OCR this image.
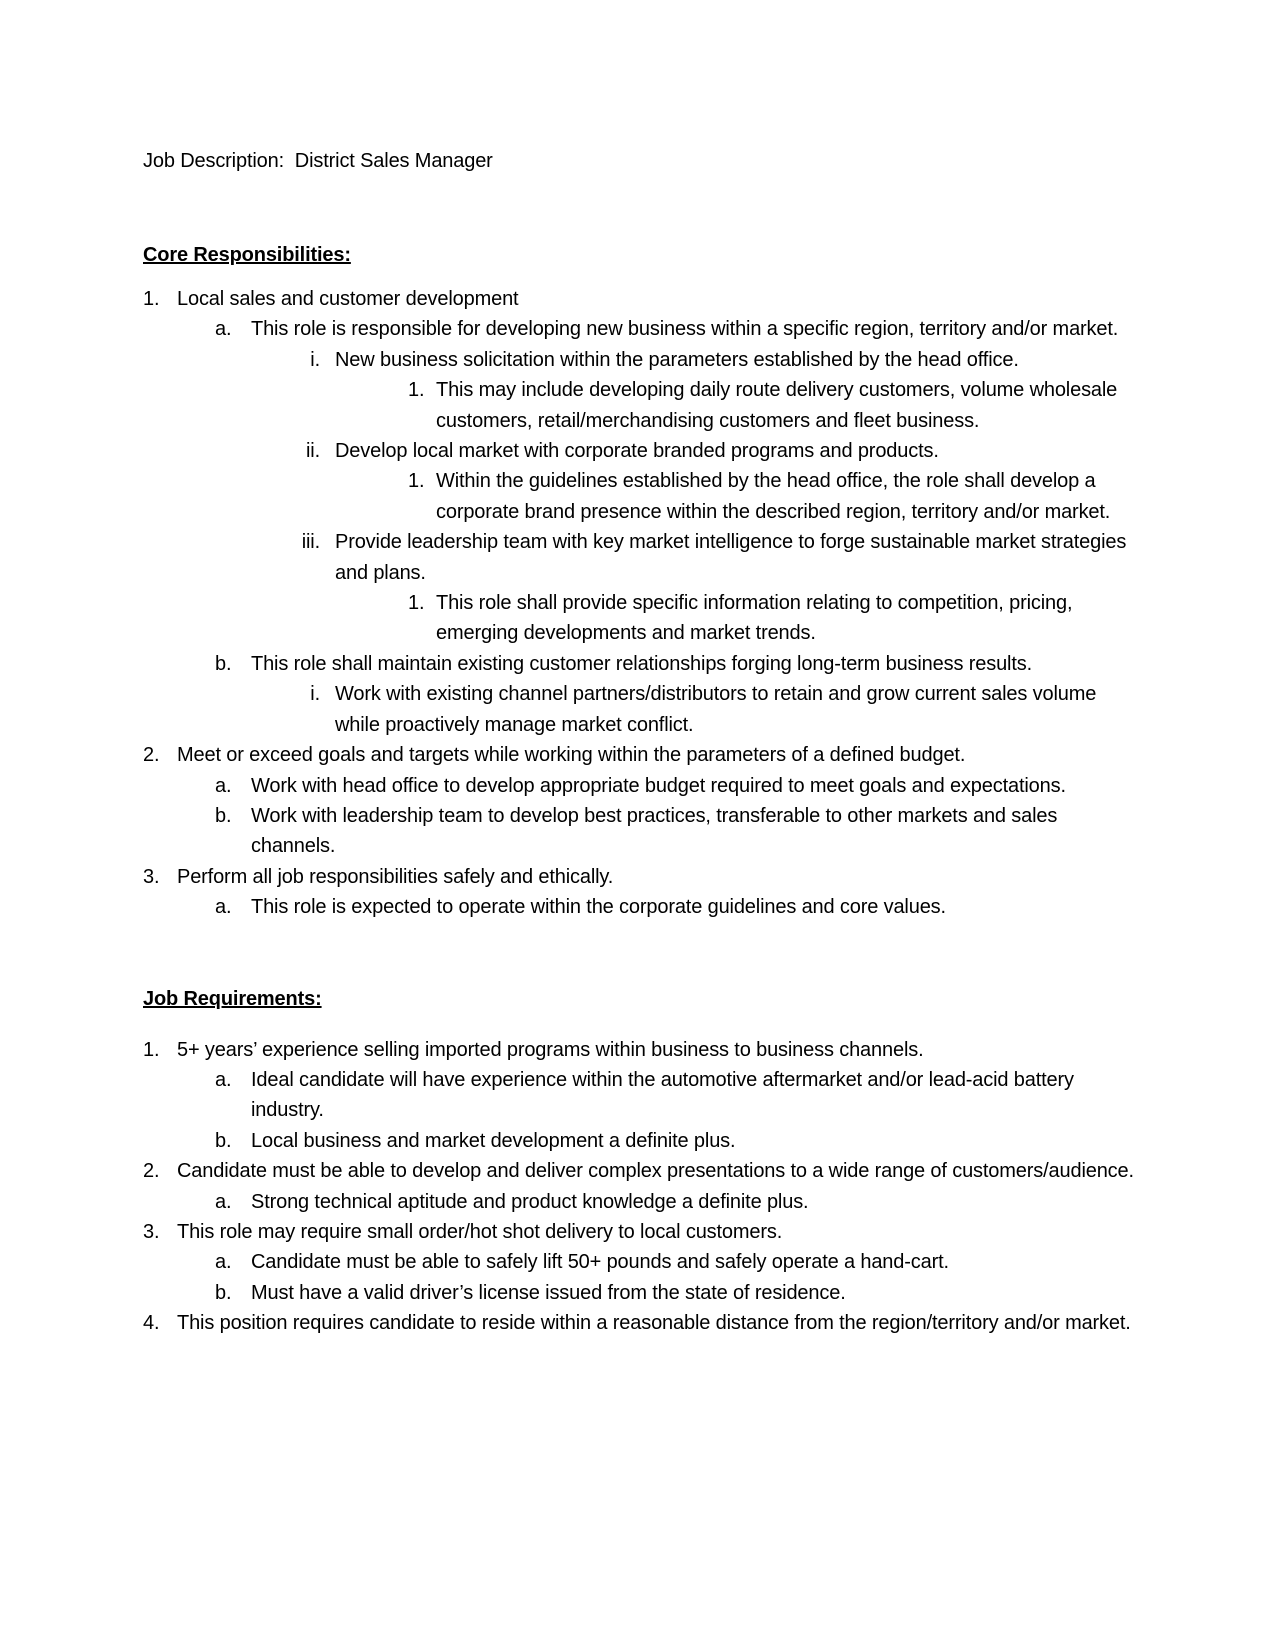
Job Description:  District Sales Manager
Core Responsibilities:
1. Local sales and customer development
a. This role is responsible for developing new business within a specific region, territory and/or market.
i. New business solicitation within the parameters established by the head office.
1. This may include developing daily route delivery customers, volume wholesale customers, retail/merchandising customers and fleet business.
ii. Develop local market with corporate branded programs and products.
1. Within the guidelines established by the head office, the role shall develop a corporate brand presence within the described region, territory and/or market.
iii. Provide leadership team with key market intelligence to forge sustainable market strategies and plans.
1. This role shall provide specific information relating to competition, pricing, emerging developments and market trends.
b. This role shall maintain existing customer relationships forging long-term business results.
i. Work with existing channel partners/distributors to retain and grow current sales volume while proactively manage market conflict.
2. Meet or exceed goals and targets while working within the parameters of a defined budget.
a. Work with head office to develop appropriate budget required to meet goals and expectations.
b. Work with leadership team to develop best practices, transferable to other markets and sales channels.
3. Perform all job responsibilities safely and ethically.
a. This role is expected to operate within the corporate guidelines and core values.
Job Requirements:
1. 5+ years’ experience selling imported programs within business to business channels.
a. Ideal candidate will have experience within the automotive aftermarket and/or lead-acid battery industry.
b. Local business and market development a definite plus.
2. Candidate must be able to develop and deliver complex presentations to a wide range of customers/audience.
a. Strong technical aptitude and product knowledge a definite plus.
3. This role may require small order/hot shot delivery to local customers.
a. Candidate must be able to safely lift 50+ pounds and safely operate a hand-cart.
b. Must have a valid driver’s license issued from the state of residence.
4. This position requires candidate to reside within a reasonable distance from the region/territory and/or market.
